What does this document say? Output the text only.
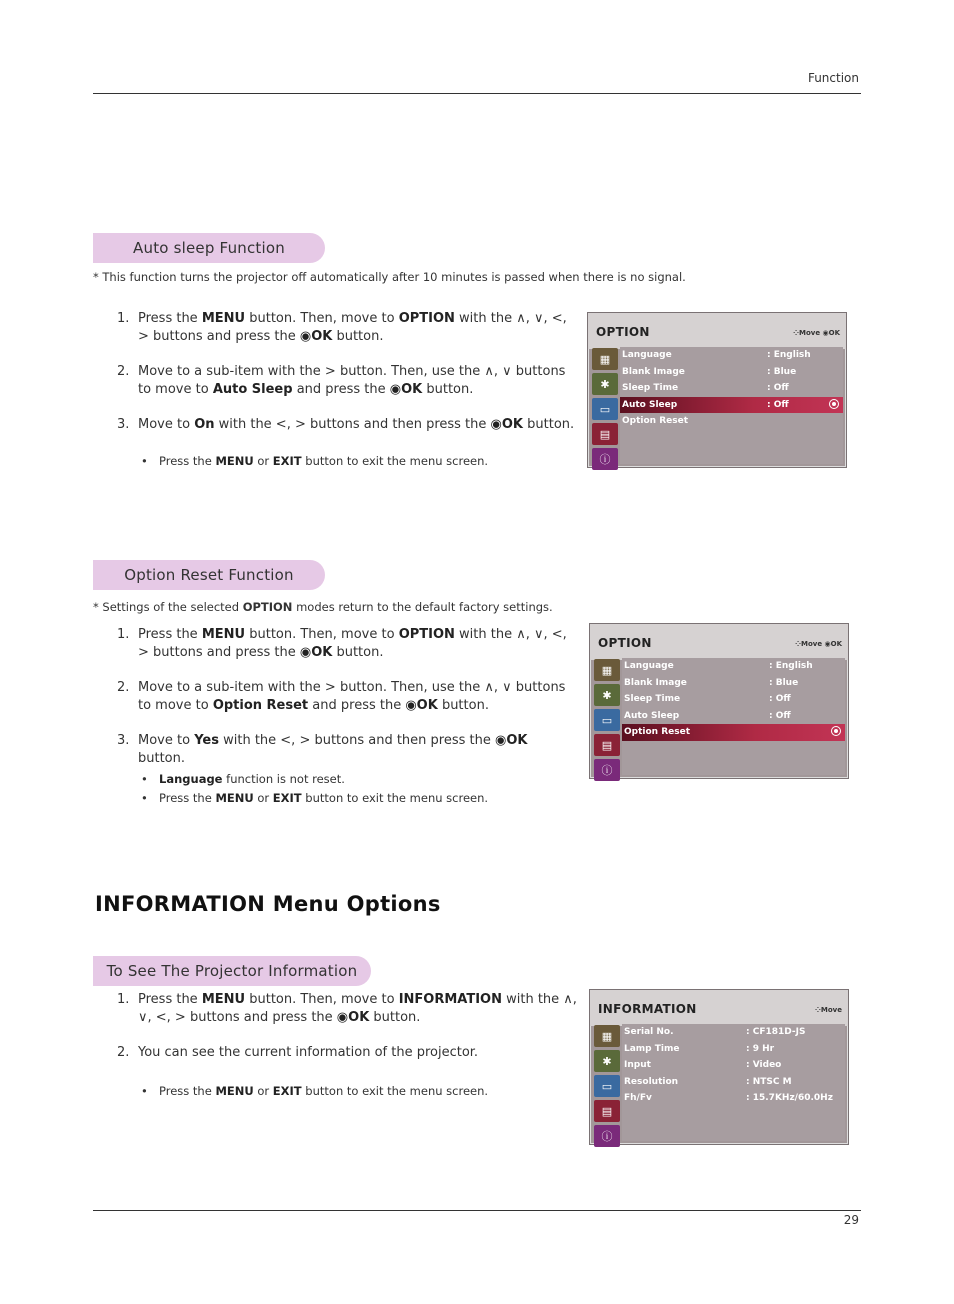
Function
Auto sleep Function
* This function turns the projector off automatically after 10 minutes is passed when there is no signal.
1. Press the MENU button. Then, move to OPTION with the ∧, ∨, <, > buttons and press the ◉OK button.
2. Move to a sub-item with the > button. Then, use the ∧, ∨ buttons to move to Auto Sleep and press the ◉OK button.
3. Move to On with the <, > buttons and then press the ◉OK button.
• Press the MENU or EXIT button to exit the menu screen.
OPTION	⁘Move ◉OK
▦
✱
▭
▤
ⓘ
Language	: English
Blank Image	: Blue
Sleep Time	: Off
Auto Sleep	: Off
Option Reset
Option Reset Function
* Settings of the selected OPTION modes return to the default factory settings.
1. Press the MENU button. Then, move to OPTION with the ∧, ∨, <, > buttons and press the ◉OK button.
2. Move to a sub-item with the > button. Then, use the ∧, ∨ buttons to move to Option Reset and press the ◉OK button.
3. Move to Yes with the <, > buttons and then press the ◉OK button.
• Language function is not reset.
• Press the MENU or EXIT button to exit the menu screen.
OPTION	⁘Move ◉OK
▦
✱
▭
▤
ⓘ
Language	: English
Blank Image	: Blue
Sleep Time	: Off
Auto Sleep	: Off
Option Reset
INFORMATION Menu Options
To See The Projector Information
1. Press the MENU button. Then, move to INFORMATION with the ∧, ∨, <, > buttons and press the ◉OK button.
2. You can see the current information of the projector.
• Press the MENU or EXIT button to exit the menu screen.
INFORMATION	⁘Move
▦
✱
▭
▤
ⓘ
Serial No.	: CF181D-JS
Lamp Time	: 9 Hr
Input	: Video
Resolution	: NTSC M
Fh/Fv	: 15.7KHz/60.0Hz
29
